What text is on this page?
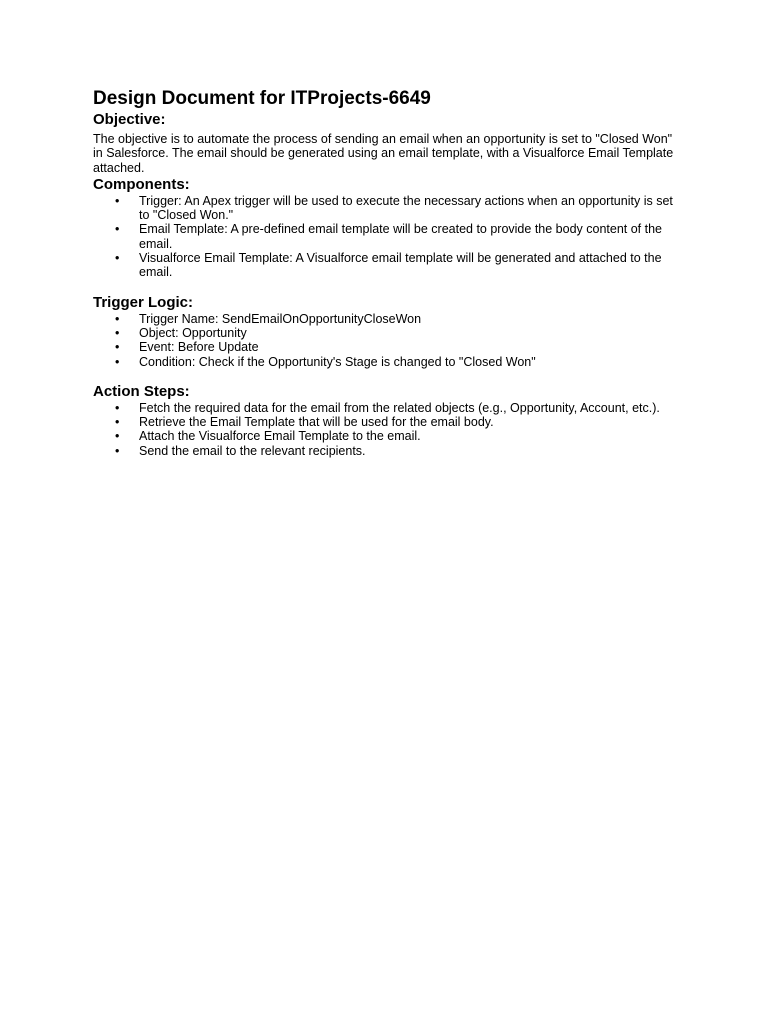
Design Document for ITProjects-6649
Objective:

The objective is to automate the process of sending an email when an opportunity is set to "Closed Won" in Salesforce. The email should be generated using an email template, with a Visualforce Email Template attached.

Components:
• Trigger: An Apex trigger will be used to execute the necessary actions when an opportunity is set to "Closed Won."
• Email Template: A pre-defined email template will be created to provide the body content of the email.
• Visualforce Email Template: A Visualforce email template will be generated and attached to the email.
Trigger Logic:
• Trigger Name: SendEmailOnOpportunityCloseWon
• Object: Opportunity
• Event: Before Update
• Condition: Check if the Opportunity's Stage is changed to "Closed Won"
Action Steps:
• Fetch the required data for the email from the related objects (e.g., Opportunity, Account, etc.).
• Retrieve the Email Template that will be used for the email body.
• Attach the Visualforce Email Template to the email.
• Send the email to the relevant recipients.
